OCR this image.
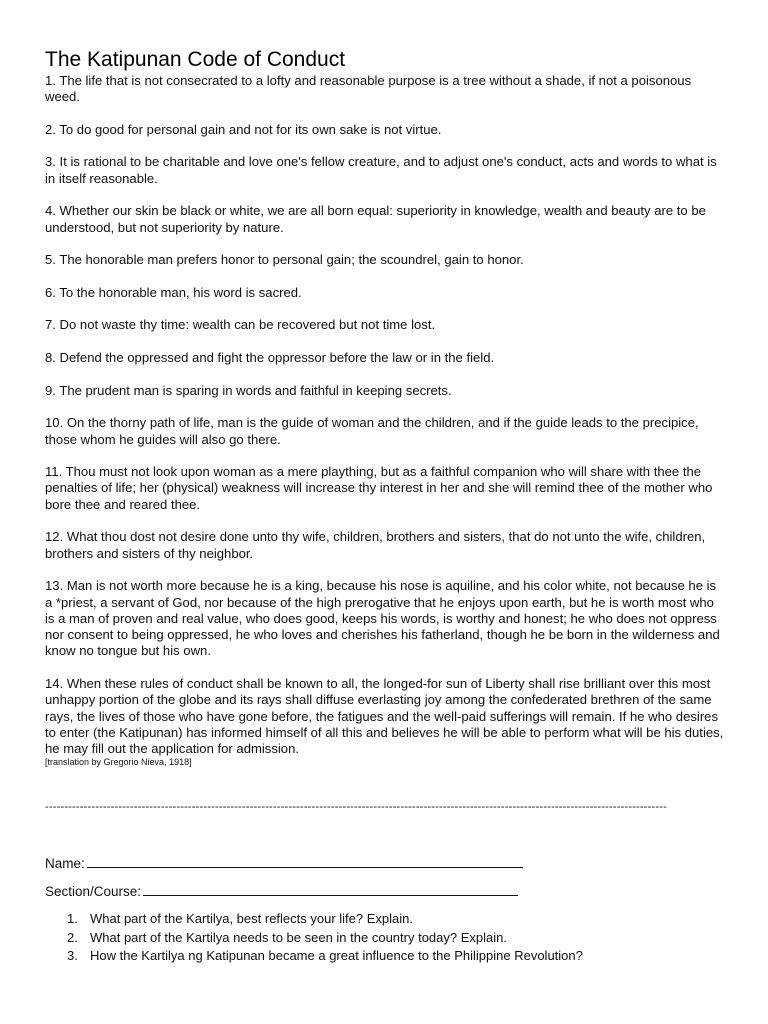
The Katipunan Code of Conduct

1. The life that is not consecrated to a lofty and reasonable purpose is a tree without a shade, if not a poisonous weed.

2. To do good for personal gain and not for its own sake is not virtue.

3. It is rational to be charitable and love one's fellow creature, and to adjust one's conduct, acts and words to what is in itself reasonable.

4. Whether our skin be black or white, we are all born equal: superiority in knowledge, wealth and beauty are to be understood, but not superiority by nature.

5. The honorable man prefers honor to personal gain; the scoundrel, gain to honor.

6. To the honorable man, his word is sacred.

7. Do not waste thy time: wealth can be recovered but not time lost.

8. Defend the oppressed and fight the oppressor before the law or in the field.

9. The prudent man is sparing in words and faithful in keeping secrets.

10. On the thorny path of life, man is the guide of woman and the children, and if the guide leads to the precipice, those whom he guides will also go there.

11. Thou must not look upon woman as a mere plaything, but as a faithful companion who will share with thee the penalties of life; her (physical) weakness will increase thy interest in her and she will remind thee of the mother who bore thee and reared thee.

12. What thou dost not desire done unto thy wife, children, brothers and sisters, that do not unto the wife, children, brothers and sisters of thy neighbor.

13. Man is not worth more because he is a king, because his nose is aquiline, and his color white, not because he is a *priest, a servant of God, nor because of the high prerogative that he enjoys upon earth, but he is worth most who is a man of proven and real value, who does good, keeps his words, is worthy and honest; he who does not oppress nor consent to being oppressed, he who loves and cherishes his fatherland, though he be born in the wilderness and know no tongue but his own.

14. When these rules of conduct shall be known to all, the longed-for sun of Liberty shall rise brilliant over this most unhappy portion of the globe and its rays shall diffuse everlasting joy among the confederated brethren of the same rays, the lives of those who have gone before, the fatigues and the well-paid sufferings will remain. If he who desires to enter (the Katipunan) has informed himself of all this and believes he will be able to perform what will be his duties, he may fill out the application for admission.

[translation by Gregorio Nieva, 1918]

-----------------------------------------------------------------------------------------------------------------------------------------------------------------
Name:
Section/Course:
1. What part of the Kartilya, best reflects your life? Explain.
2. What part of the Kartilya needs to be seen in the country today? Explain.
3. How the Kartilya ng Katipunan became a great influence to the Philippine Revolution?
